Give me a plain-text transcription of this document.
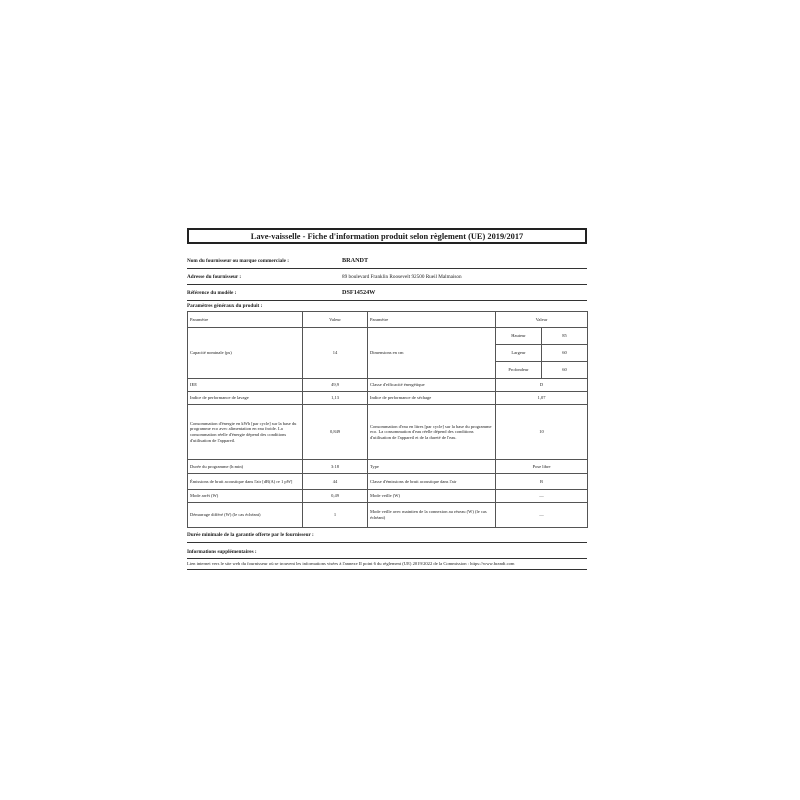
Lave-vaisselle - Fiche d'information produit selon règlement (UE) 2019/2017
Nom du fournisseur ou marque commerciale :	BRANDT
Adresse du fournisseur :	89 boulevard Franklin Roosevelt 92500 Rueil Malmaison
Référence du modèle :	DSF14524W
Paramètres généraux du produit :
Paramètre	Valeur	Paramètre	Valeur
Capacité nominale (ps)	14	Dimensions en cm	
Hauteur	85
Largeur	60
Profondeur	60

IEE	49,9	Classe d'efficacité énergétique	D
Indice de performance de lavage	1,13	Indice de performance de séchage	1,07
Consommation d'énergie en kWh [par cycle] sur la base du programme eco avec alimentation en eau froide. La consommation réelle d'énergie dépend des conditions d'utilisation de l'appareil.	0,849	Consommation d'eau en litres [par cycle] sur la base du programme eco. La consommation d'eau réelle dépend des conditions d'utilisation de l'appareil et de la dureté de l'eau.	10
Durée du programme (h:min)	3:18	Type	Pose libre
Émissions de bruit acoustique dans l'air [dB(A) re 1 pW]	44	Classe d'émissions de bruit acoustique dans l'air	B
Mode arrêt (W)	0,49	Mode veille (W)	—
Démarrage différé (W) (le cas échéant)	1	Mode veille avec maintien de la connexion au réseau (W) (le cas échéant)	—
Durée minimale de la garantie offerte par le fournisseur :
Informations supplémentaires :
Lien internet vers le site web du fournisseur où se trouvent les informations visées à l'annexe II point 6 du règlement (UE) 2019/2022 de la Commission : https://www.brandt.com
